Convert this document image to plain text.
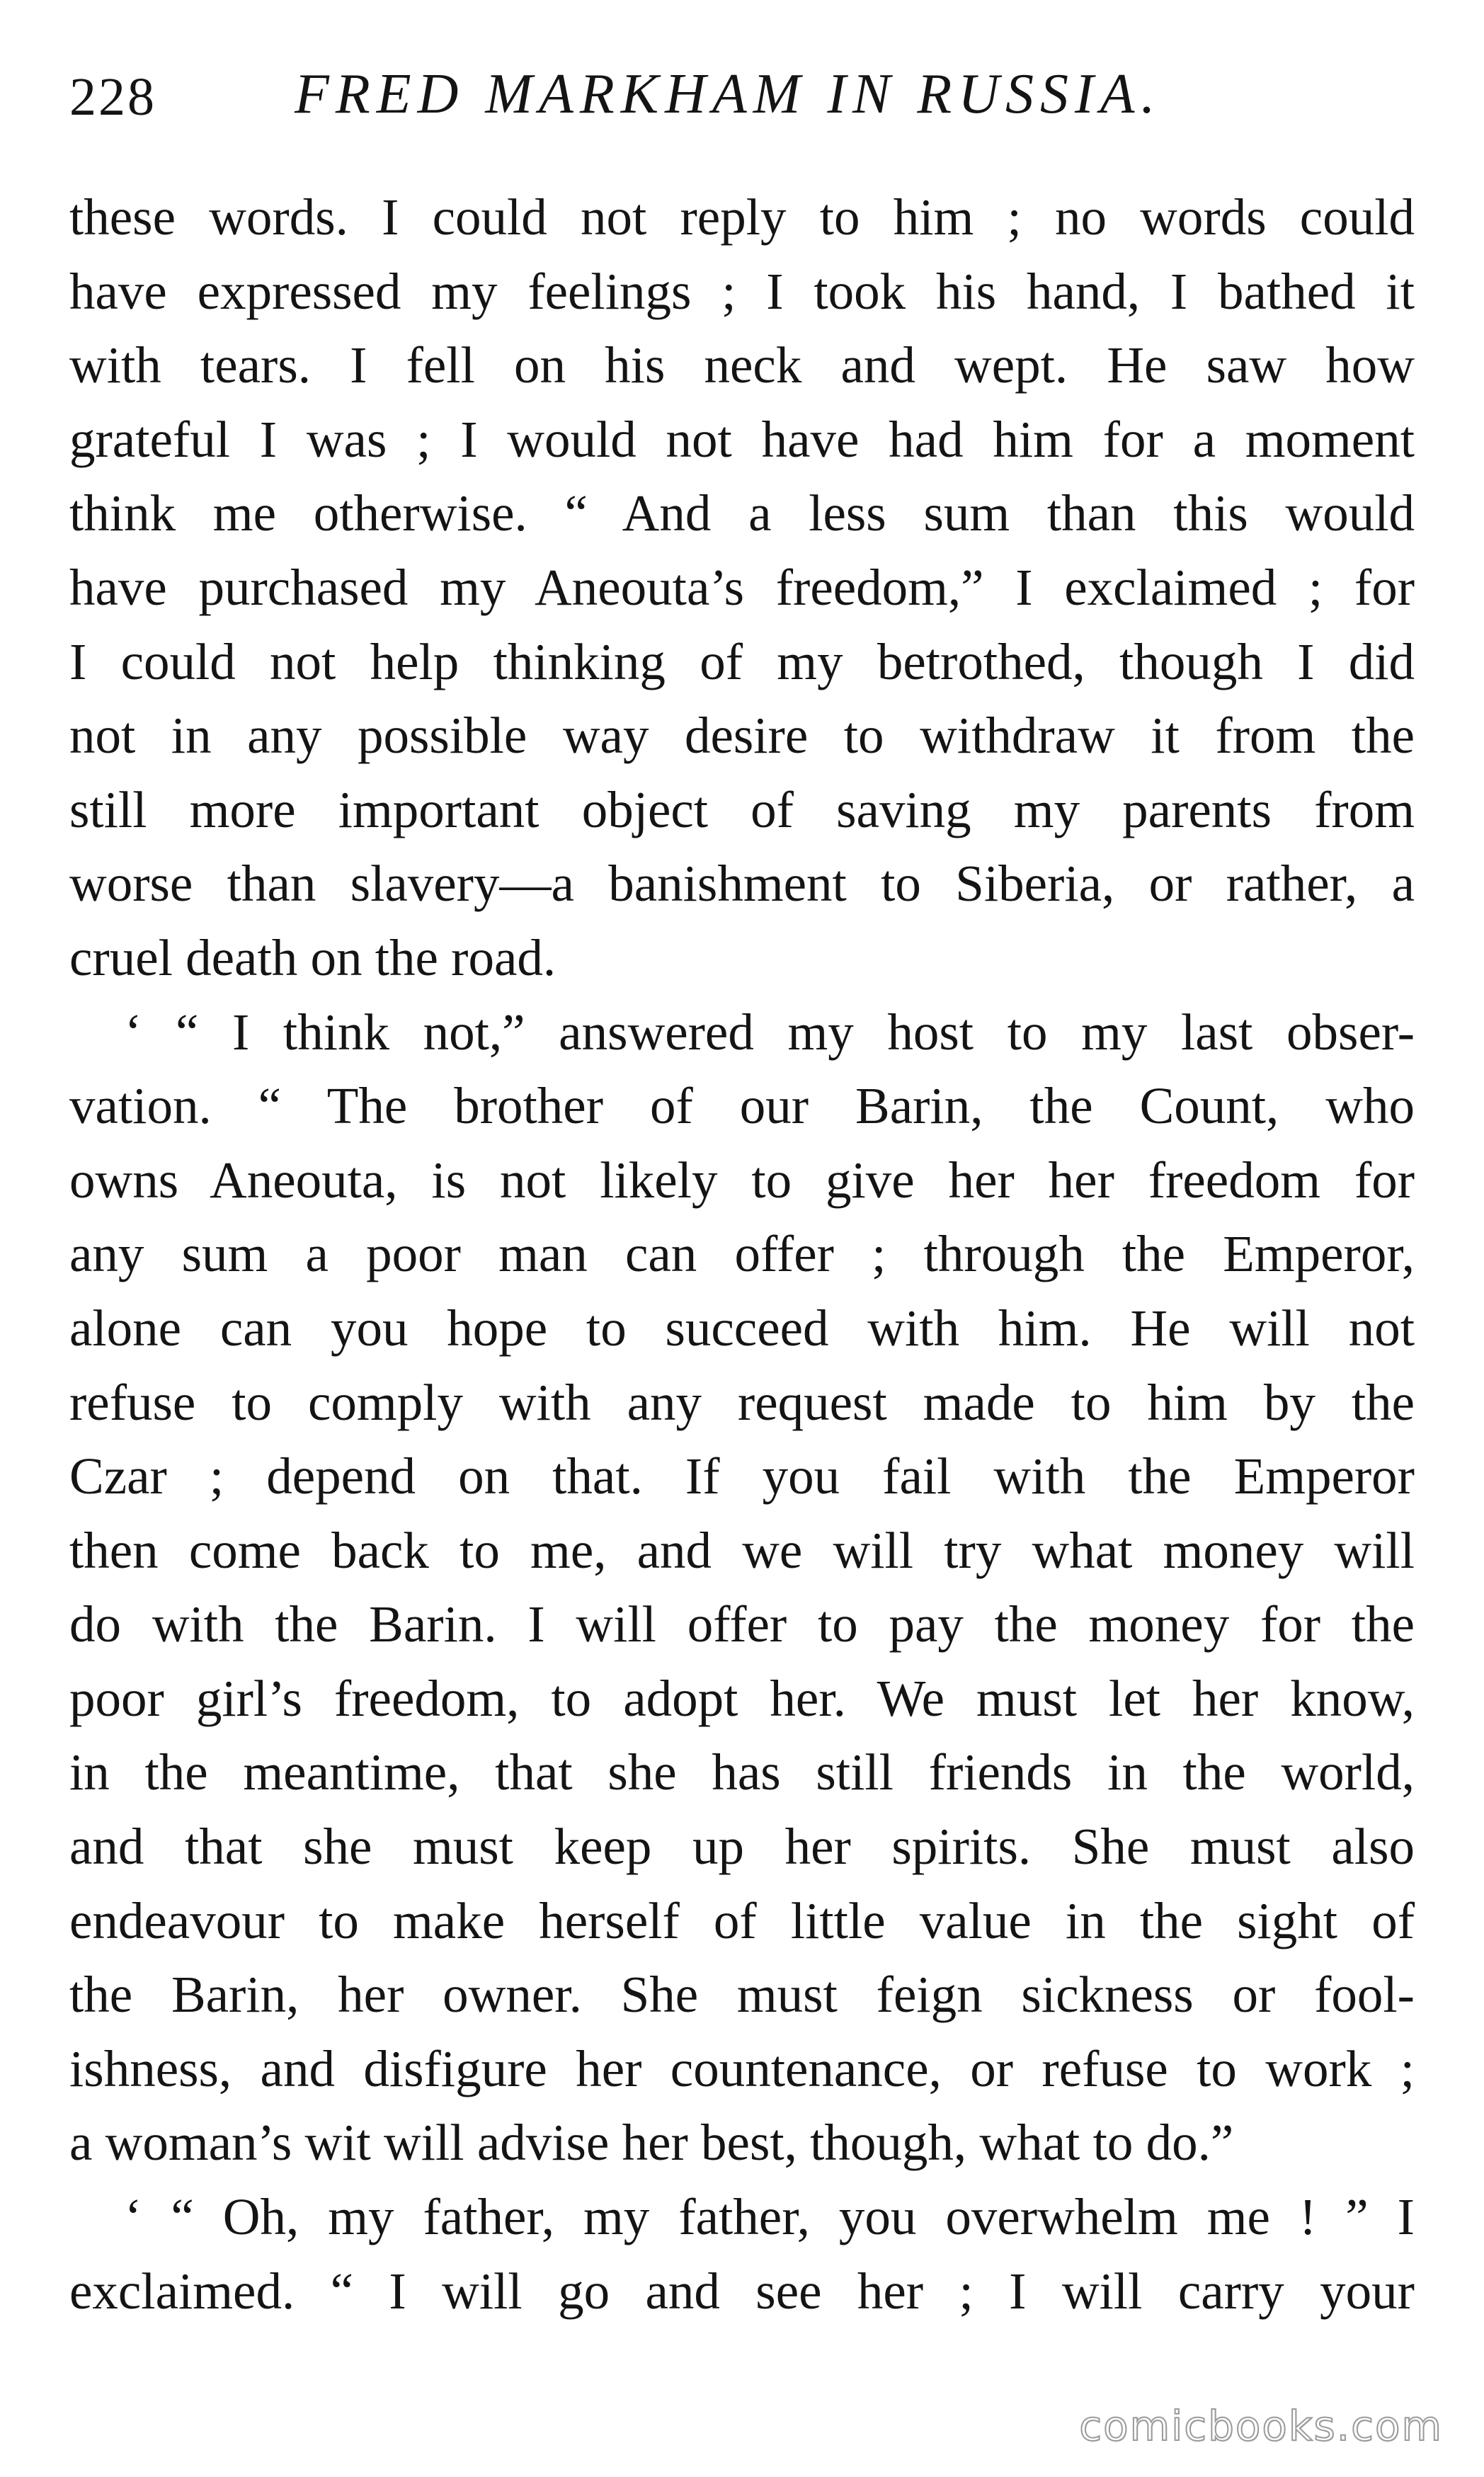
228 FRED MARKHAM IN RUSSIA.
these words. I could not reply to him ; no words could
have expressed my feelings ; I took his hand, I bathed it
with tears. I fell on his neck and wept. He saw how
grateful I was ; I would not have had him for a moment
think me otherwise. “ And a less sum than this would
have purchased my Aneouta’s freedom,” I exclaimed ; for
I could not help thinking of my betrothed, though I did
not in any possible way desire to withdraw it from the
still more important object of saving my parents from
worse than slavery—a banishment to Siberia, or rather, a
cruel death on the road.
‘ “ I think not,” answered my host to my last obser-
vation. “ The brother of our Barin, the Count, who
owns Aneouta, is not likely to give her her freedom for
any sum a poor man can offer ; through the Emperor,
alone can you hope to succeed with him. He will not
refuse to comply with any request made to him by the
Czar ; depend on that. If you fail with the Emperor
then come back to me, and we will try what money will
do with the Barin. I will offer to pay the money for the
poor girl’s freedom, to adopt her. We must let her know,
in the meantime, that she has still friends in the world,
and that she must keep up her spirits. She must also
endeavour to make herself of little value in the sight of
the Barin, her owner. She must feign sickness or fool-
ishness, and disfigure her countenance, or refuse to work ;
a woman’s wit will advise her best, though, what to do.”
‘ “ Oh, my father, my father, you overwhelm me ! ” I
exclaimed. “ I will go and see her ; I will carry your
comicbooks.com
